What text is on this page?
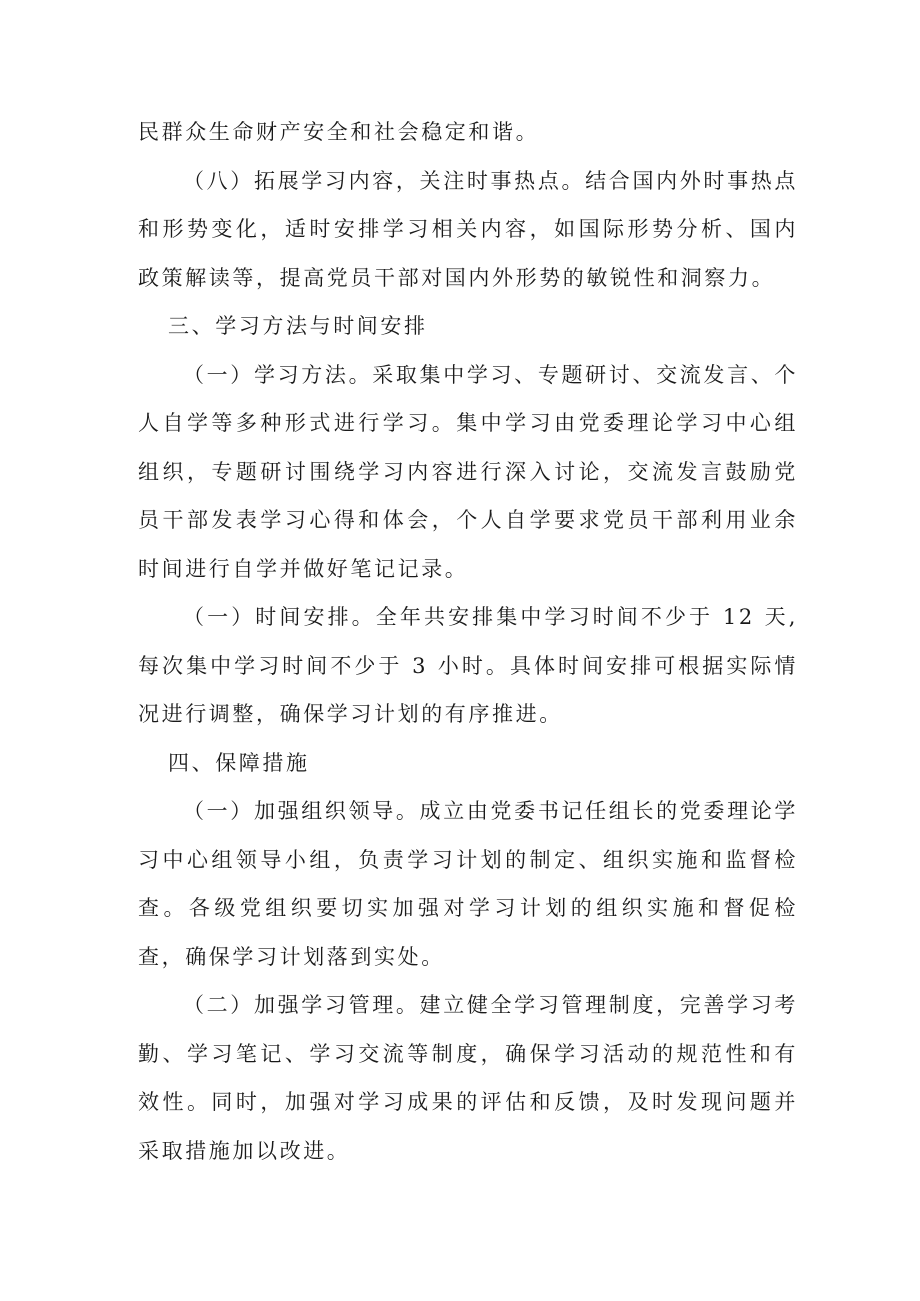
民群众生命财产安全和社会稳定和谐。

（八）拓展学习内容，关注时事热点。结合国内外时事热点和形势变化，适时安排学习相关内容，如国际形势分析、国内政策解读等，提高党员干部对国内外形势的敏锐性和洞察力。

三、学习方法与时间安排

（一）学习方法。采取集中学习、专题研讨、交流发言、个人自学等多种形式进行学习。集中学习由党委理论学习中心组组织，专题研讨围绕学习内容进行深入讨论，交流发言鼓励党员干部发表学习心得和体会，个人自学要求党员干部利用业余时间进行自学并做好笔记记录。

（一）时间安排。全年共安排集中学习时间不少于 12 天,每次集中学习时间不少于 3 小时。具体时间安排可根据实际情况进行调整，确保学习计划的有序推进。

四、保障措施

（一）加强组织领导。成立由党委书记任组长的党委理论学习中心组领导小组，负责学习计划的制定、组织实施和监督检查。各级党组织要切实加强对学习计划的组织实施和督促检查，确保学习计划落到实处。

（二）加强学习管理。建立健全学习管理制度，完善学习考勤、学习笔记、学习交流等制度，确保学习活动的规范性和有效性。同时，加强对学习成果的评估和反馈，及时发现问题并采取措施加以改进。
